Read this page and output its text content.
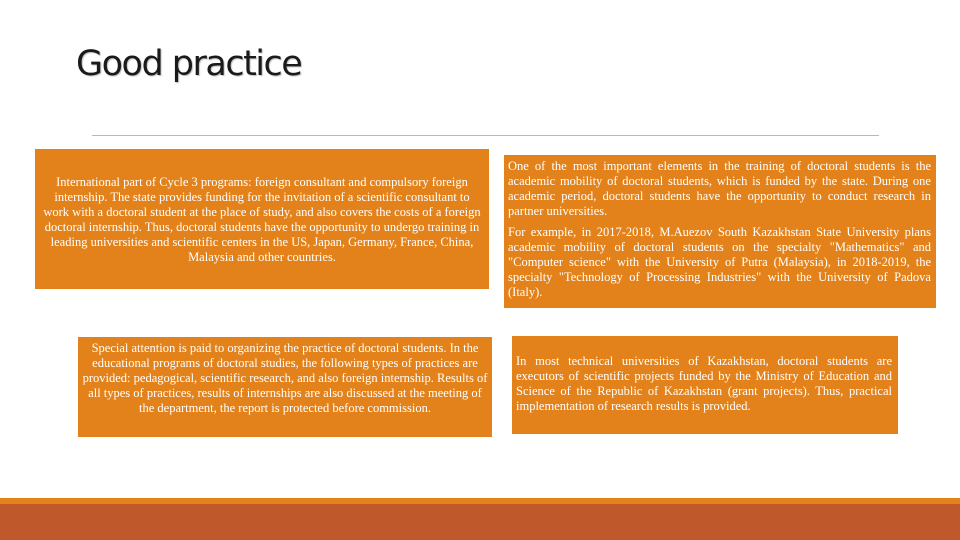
Good practice

International part of Cycle 3 programs: foreign consultant and compulsory foreign internship. The state provides funding for the invitation of a scientific consultant to work with a doctoral student at the place of study, and also covers the costs of a foreign doctoral internship. Thus, doctoral students have the opportunity to undergo training in leading universities and scientific centers in the US, Japan, Germany, France, China, Malaysia and other countries.

One of the most important elements in the training of doctoral students is the academic mobility of doctoral students, which is funded by the state. During one academic period, doctoral students have the opportunity to conduct research in partner universities.

For example, in 2017-2018, M.Auezov South Kazakhstan State University plans academic mobility of doctoral students on the specialty "Mathematics" and "Computer science" with the University of Putra (Malaysia), in 2018-2019, the specialty "Technology of Processing Industries" with the University of Padova (Italy).

Special attention is paid to organizing the practice of doctoral students. In the educational programs of doctoral studies, the following types of practices are provided: pedagogical, scientific research, and also foreign internship. Results of all types of practices, results of internships are also discussed at the meeting of the department, the report is protected before commission.

In most technical universities of Kazakhstan, doctoral students are executors of scientific projects funded by the Ministry of Education and Science of the Republic of Kazakhstan (grant projects). Thus, practical implementation of research results is provided.
